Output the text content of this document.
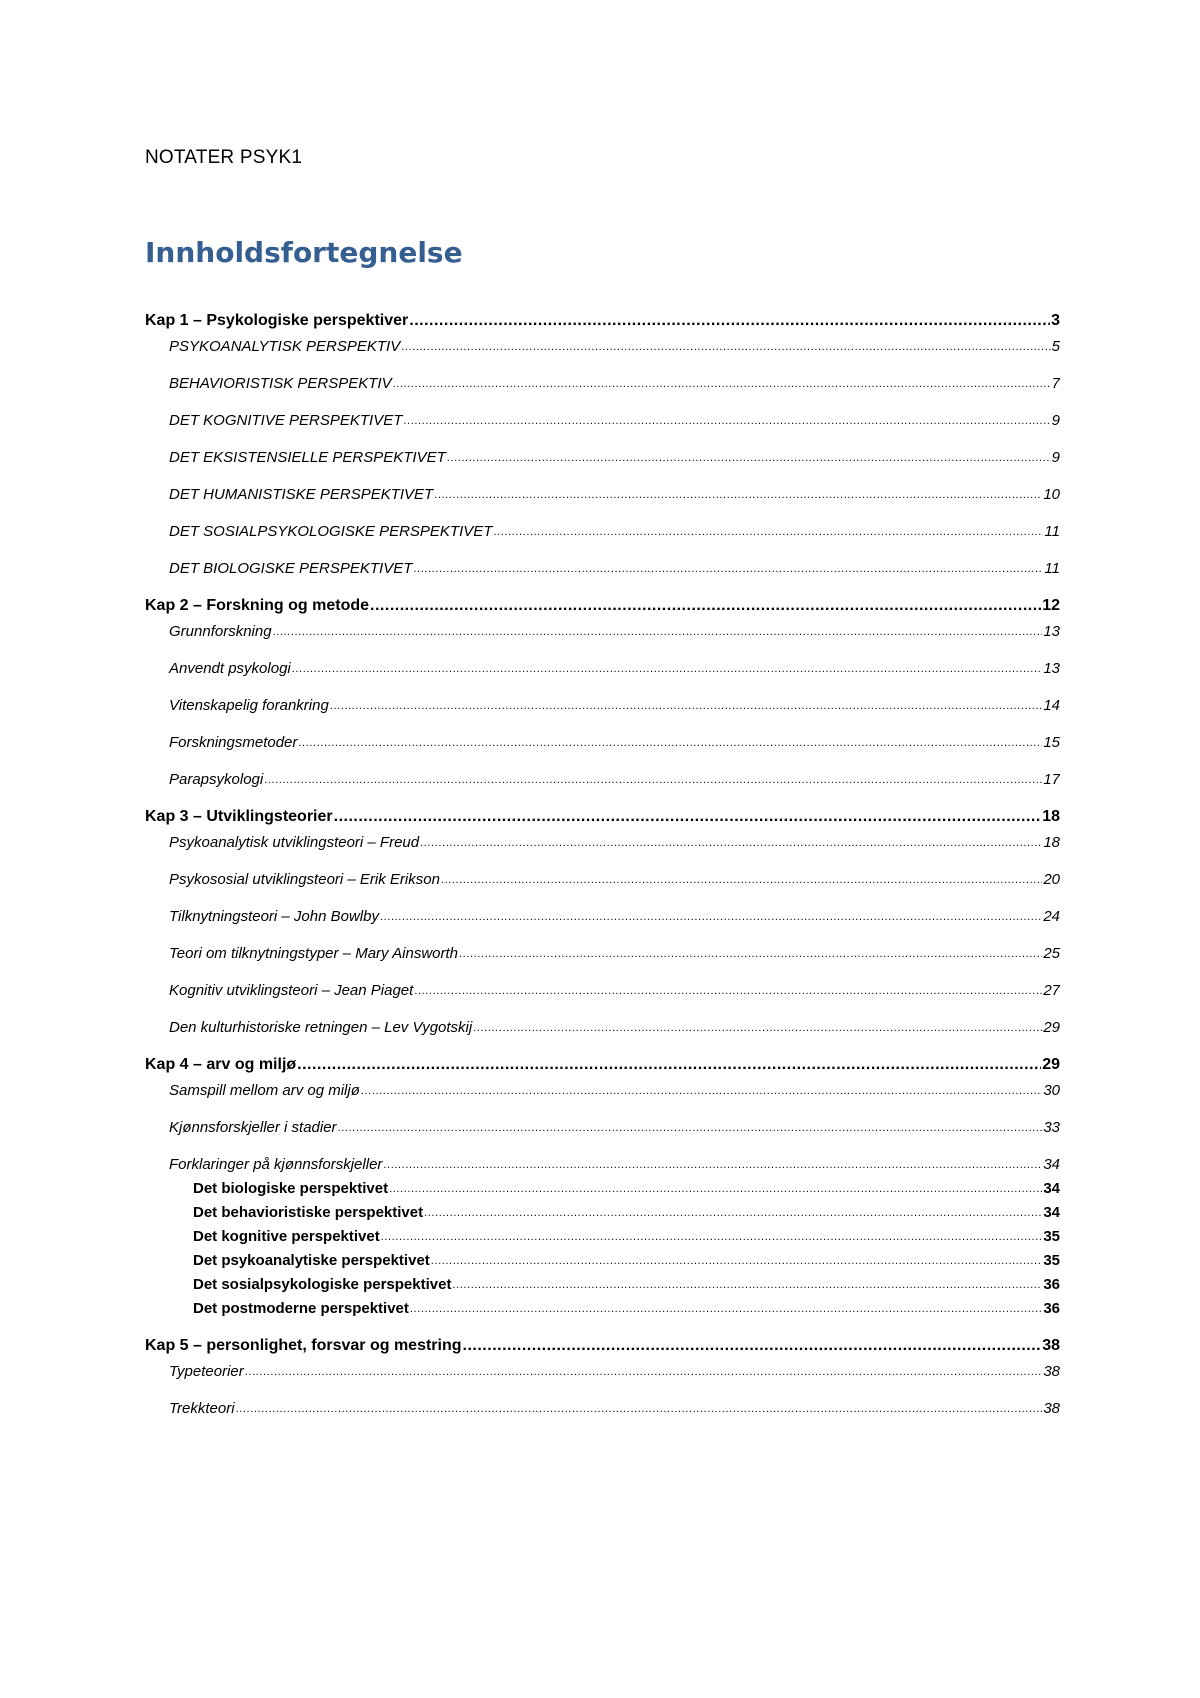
NOTATER PSYK1
Innholdsfortegnelse
Kap 1 – Psykologiske perspektiver .....	3
PSYKOANALYTISK PERSPEKTIV .....	5
BEHAVIORISTISK PERSPEKTIV .....	7
DET KOGNITIVE PERSPEKTIVET .....	9
DET EKSISTENSIELLE PERSPEKTIVET .....	9
DET HUMANISTISKE PERSPEKTIVET .....	10
DET SOSIALPSYKOLOGISKE PERSPEKTIVET .....	11
DET BIOLOGISKE PERSPEKTIVET .....	11
Kap 2 – Forskning og metode .....	12
Grunnforskning .....	13
Anvendt psykologi .....	13
Vitenskapelig forankring .....	14
Forskningsmetoder .....	15
Parapsykologi .....	17
Kap 3 – Utviklingsteorier .....	18
Psykoanalytisk utviklingsteori – Freud .....	18
Psykososial utviklingsteori – Erik Erikson .....	20
Tilknytningsteori – John Bowlby .....	24
Teori om tilknytningstyper – Mary Ainsworth .....	25
Kognitiv utviklingsteori – Jean Piaget .....	27
Den kulturhistoriske retningen – Lev Vygotskij .....	29
Kap 4 – arv og miljø .....	29
Samspill mellom arv og miljø .....	30
Kjønnsforskjeller i stadier .....	33
Forklaringer på kjønnsforskjeller .....	34
Det biologiske perspektivet .....	34
Det behavioristiske perspektivet .....	34
Det kognitive perspektivet .....	35
Det psykoanalytiske perspektivet .....	35
Det sosialpsykologiske perspektivet .....	36
Det postmoderne perspektivet .....	36
Kap 5 – personlighet, forsvar og mestring .....	38
Typeteorier .....	38
Trekkteori .....	38
